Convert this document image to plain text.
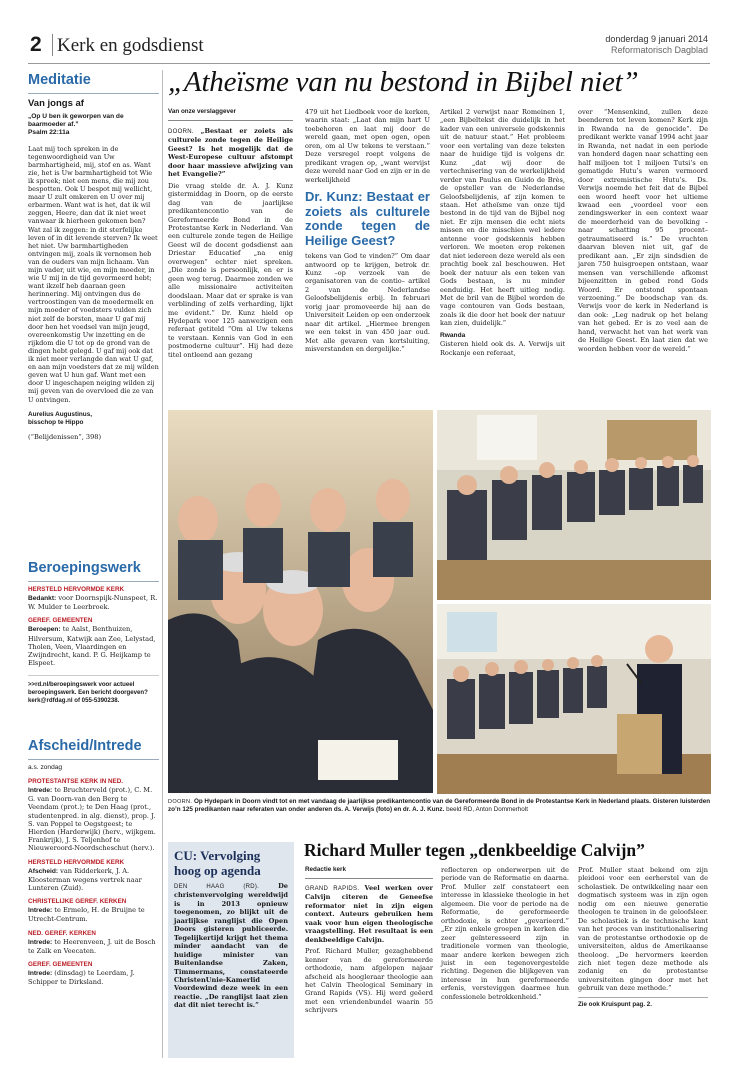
2 Kerk en godsdienst	donderdag 9 januari 2014
Reformatorisch Dagblad
Meditatie
Van jongs af
„Op U ben ik geworpen van de baarmoeder af.”
Psalm 22:11a

Laat mij toch spreken in de tegenwoordigheid van Uw barmhartigheid, mij, stof en as. Want zie, het is Uw barmhartigheid tot Wie ik spreek; niet een mens, die mij zou bespotten. Ook U bespot mij wellicht, maar U zult omkeren en U over mij erbarmen. Want wat is het, dat ik wil zeggen, Heere, dan dat ik niet weet vanwaar ik hierheen gekomen ben? Wat zal ik zeggen: in dit sterfelijke leven of in dit levende sterven? Ik weet het niet. Uw barmhartigheden ontvingen mij, zoals ik vernomen heb van de ouders van mijn lichaam. Van mijn vader, uit wie, en mijn moeder, in wie U mij in de tijd gevormeerd hebt; want ikzelf heb daaraan geen herinnering. Mij ontvingen dus de vertroostingen van de moedermelk en mijn moeder of voedsters vulden zich niet zelf de borsten, maar U gaf mij door hen het voedsel van mijn jeugd, overeenkomstig Uw inzetting en de rijkdom die U tot op de grond van de dingen hebt gelegd. U gaf mij ook dat ik niet meer verlangde dan wat U gaf, en aan mijn voedsters dat ze mij wilden geven wat U hun gaf. Want met een door U ingeschapen neiging wilden zij mij geven van de overvloed die ze van U ontvingen.

Aurelius Augustinus,
bisschop te Hippo
(“Belijdenissen”, 398)
Beroepingswerk
HERSTELD HERVORMDE KERK
Bedankt: voor Doornspijk-Nunspeet, R. W. Mulder te Leerbroek.
GEREF. GEMEENTEN
Beroepen: te Aalst, Benthuizen, Hilversum, Katwijk aan Zee, Lelystad, Tholen, Veen, Vlaardingen en Zwijndrecht, kand. P. G. Heijkamp te Elspeet.
>>rd.nl/beroepingswerk voor actueel beroepingswerk. Een bericht doorgeven? kerk@rdfdag.nl of 055-5390238.
Afscheid/Intrede
a.s. zondag
PROTESTANTSE KERK IN NED.
Intrede: te Bruchterveld (prot.), C. M. G. van Doorn-van den Berg te Veendam (prot.); te Den Haag (prot., studentenpred. in alg. dienst), prop. J. S. van Poppel te Oegstgeest; te Hierden (Harderwijk) (herv., wijkgem. Frankrijk), J. S. Teljenhof te Nieuweroord-Noordscheschut (herv.).
HERSTELD HERVORMDE KERK
Afscheid: van Ridderkerk, J. A. Kloosterman wegens vertrek naar Lunteren (Zuid).
CHRISTELIJKE GEREF. KERKEN
Intrede: te Ermelo, H. de Bruijne te Utrecht-Centrum.
NED. GEREF. KERKEN
Intrede: te Heerenveen, J. uit de Bosch te Zalk en Veecaten.
GEREF. GEMEENTEN
Intrede: (dinsdag) te Leerdam, J. Schipper te Dirksland.
„Atheïsme van nu bestond in Bijbel niet”
Van onze verslaggever
DOORN. „Bestaat er zoiets als culturele zonde tegen de Heilige Geest? Is het mogelijk dat de West-Europese cultuur afstompt door haar massieve afwijzing van het Evangelie?”
Die vraag stelde dr. A. J. Kunz gistermiddag in Doorn, op de eerste dag van de jaarlijkse predikantencontio van de Gereformeerde Bond in de Protestantse Kerk in Nederland. Van een culturele zonde tegen de Heilige Geest wil de docent godsdienst aan Driestar Educatief „na enig overwegen” echter niet spreken. „Die zonde is persoonlijk, en er is geen weg terug. Daarmee zonden we alle missionaire activiteiten doodslaan. Maar dat er sprake is van verblinding of zelfs verharding, lijkt me evident.” Dr. Kunz hield op Hydepark voor 125 aanwezigen een referaat getiteld “Om al Uw tekens te verstaan. Kennis van God in een postmoderne cultuur”. Hij had deze titel ontleend aan gezang
479 uit het Liedboek voor de kerken, waarin staat: „Laat dan mijn hart U toebehoren en laat mij door de wereld gaan, met open ogen, open oren, om al Uw tekens te verstaan.” Deze versregel roept volgens de predikant vragen op, „want wervijst deze wereld naar God en zijn er in de werkelijkheid
Dr. Kunz: Bestaat er zoiets als culturele zonde tegen de Heilige Geest?
tekens van God te vinden?” Om daar antwoord op te krijgen, betrok dr. Kunz –op verzoek van de organisatoren van de contio– artikel 2 van de Nederlandse Geloofsbelijdenis erbij. In februari vorig jaar promoveerde hij aan de Universiteit Leiden op een onderzoek naar dit artikel. „Hiermee brengen we een tekst in van 450 jaar oud. Met alle gevaren van kortsluiting, misverstanden en dergelijke.”
Artikel 2 verwijst naar Romeinen 1, „een Bijbeltekst die duidelijk in het kader van een universele godskennis uit de natuur staat.” Het probleem voor een vertaling van deze teksten naar de huidige tijd is volgens dr. Kunz „dat wij door de vertechnisering van de werkelijkheid verder van Paulus en Guido de Brès, de opsteller van de Nederlandse Geloofsbelijdenis, af zijn komen te staan. Het atheïsme van onze tijd bestond in de tijd van de Bijbel nog niet. Er zijn mensen die echt niets missen en die misschien wel iedere antenne voor godskennis hebben verloren. We moeten erop rekenen dat niet iedereen deze wereld als een prachtig boek zal beschouwen. Het boek der natuur als een teken van Gods bestaan, is nu minder eenduidig. Het heeft uitleg nodig. Met de bril van de Bijbel worden de vage contouren van Gods bestaan, zoals ik die door het boek der natuur kan zien, duidelijk.”
Rwanda
Gisteren hield ook ds. A. Verwijs uit Rockanje een referaat,
over “Mensenkind, zullen deze beenderen tot leven komen? Kerk zijn in Rwanda na de genocide”. De predikant werkte vanaf 1994 acht jaar in Rwanda, net nadat in een periode van honderd dagen naar schatting een half miljoen tot 1 miljoen Tutsi’s en gematigde Hutu’s waren vermoord door extremistische Hutu’s. Ds. Verwijs noemde het feit dat de Bijbel een woord heeft voor het ultieme kwaad een „voordeel voor een zendingswerker in een context waar de meerderheid van de bevolking –naar schatting 95 procent– getraumatiseerd is.” De vruchten daarvan bleven niet uit, gaf de predikant aan. „Er zijn sindsdien de jaren 750 huisgroepen ontstaan, waar mensen van verschillende afkomst bijeenzitten in gebed rond Gods Woord. Er ontstond spontaan verzoening.” De boodschap van ds. Verwijs voor de kerk in Nederland is dan ook: „Leg nadruk op het belang van het gebed. Er is zo veel aan de hand, verwacht het van het werk van de Heilige Geest. En laat zien dat we woorden hebben voor de wereld.”
DOORN. Op Hydepark in Doorn vindt tot en met vandaag de jaarlijkse predikantencontio van de Gereformeerde Bond in de Protestantse Kerk in Nederland plaats. Gisteren luisterden zo’n 125 predikanten naar referaten van onder anderen ds. A. Verwijs (foto) en dr. A. J. Kunz. beeld RD, Anton Dommerholt
CU: Vervolging hoog op agenda
DEN HAAG (RD).	De christenvervolging wereldwijd is in 2013 opnieuw toegenomen, zo blijkt uit de jaarlijkse ranglijst die Open Doors gisteren publiceerde. Tegelijkertijd krijgt het thema minder aandacht van de huidige minister van Buitenlandse Zaken, Timmermans, constateerde ChristenUnie-Kamerlid Voordewind deze week in een reactie. „De ranglijst laat zien dat dit niet terecht is.”
Richard Muller tegen „denkbeeldige Calvijn”
Redactie kerk
GRAND RAPIDS. Veel werken over Calvijn citeren de Geneefse reformator niet in zijn eigen context. Auteurs gebruiken hem vaak voor hun eigen theologische vraagstelling. Het resultaat is een denkbeeldige Calvijn.
Prof. Richard Muller, gezaghebbend kenner van de gereformeerde orthodoxie, nam afgelopen najaar afscheid als hoogleraar theologie aan het Calvin Theological Seminary in Grand Rapids (VS). Hij werd geëerd met een vriendenbundel waarin 55 schrijvers
reflecteren op onderwerpen uit de periode van de Reformatie en daarna. Prof. Muller zelf constateert een interesse in klassieke theologie in het algemeen. Die voor de periode na de Reformatie, de gereformeerde orthodoxie, is echter „gevarieerd.” „Er zijn enkele groepen in kerken die zeer geïnteresseerd zijn in traditionele vormen van theologie, maar andere kerken bewegen zich juist in een tegenovergestelde richting. Degenen die blijkgeven van interesse in hun gereformeerde erfenis, versteviggen daarmee hun confessionele betrokkenheid.”
Prof. Muller staat bekend om zijn pleidooi voor een eerherstel van de scholastiek. De ontwikkeling naar een dogmatisch systeem was in zijn ogen nodig om een nieuwe generatie theologen te trainen in de geloofsleer. De scholastiek is de technische kant van het proces van institutionalisering van de protestantse orthodoxie op de universiteiten, aldus de Amerikaanse theoloog. „De hervormers keerden zich niet tegen deze methode als zodanig en de protestantse universiteiten gingen door met het gebruik van deze methode.”
Zie ook Kruispunt pag. 2.
